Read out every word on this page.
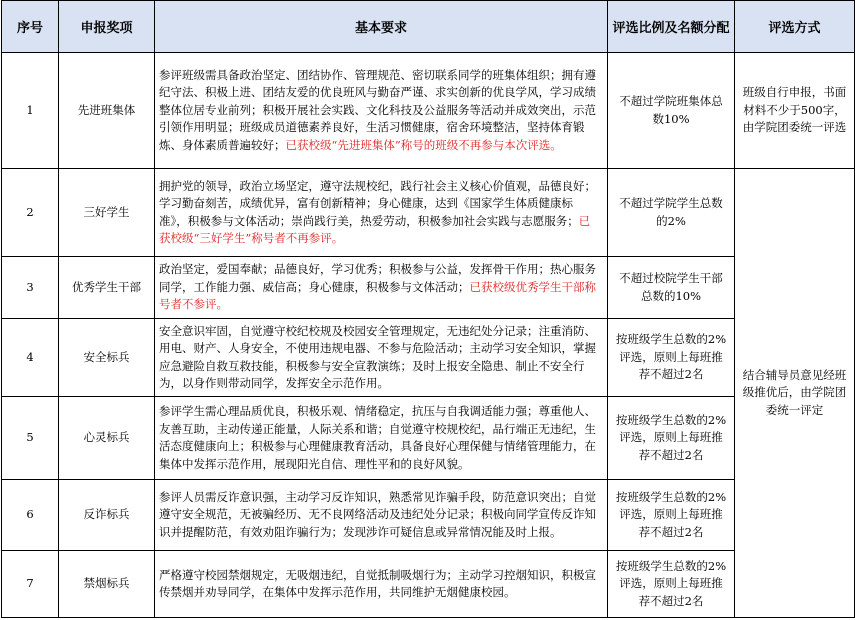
序号	申报奖项	基本要求	评选比例及名额分配	评选方式
1	先进班集体	参评班级需具备政治坚定、团结协作、管理规范、密切联系同学的班集体组织；拥有遵纪守法、积极上进、团结友爱的优良班风与勤奋严谨、求实创新的优良学风，学习成绩整体位居专业前列；积极开展社会实践、文化科技及公益服务等活动并成效突出，示范引领作用明显；班级成员道德素养良好，生活习惯健康，宿舍环境整洁，坚持体育锻炼、身体素质普遍较好；已获校级“先进班集体”称号的班级不再参与本次评选。	不超过学院班集体总数10%	班级自行申报，书面材料不少于500字，由学院团委统一评选
2	三好学生	拥护党的领导，政治立场坚定，遵守法规校纪，践行社会主义核心价值观，品德良好；学习勤奋刻苦，成绩优异，富有创新精神；身心健康，达到《国家学生体质健康标准》，积极参与文体活动；崇尚践行美，热爱劳动，积极参加社会实践与志愿服务；已获校级“三好学生”称号者不再参评。	不超过学院学生总数的2%	结合辅导员意见经班级推优后，由学院团委统一评定
3	优秀学生干部	政治坚定，爱国奉献；品德良好，学习优秀；积极参与公益，发挥骨干作用；热心服务同学，工作能力强、威信高；身心健康，积极参与文体活动；已获校级优秀学生干部称号者不参评。	不超过校院学生干部总数的10%	
4	安全标兵	安全意识牢固，自觉遵守校纪校规及校园安全管理规定，无违纪处分记录；注重消防、用电、财产、人身安全，不使用违规电器、不参与危险活动；主动学习安全知识，掌握应急避险自救互救技能，积极参与安全宣教演练；及时上报安全隐患、制止不安全行为，以身作则带动同学，发挥安全示范作用。	按班级学生总数的2%评选，原则上每班推荐不超过2名	
5	心灵标兵	参评学生需心理品质优良，积极乐观、情绪稳定，抗压与自我调适能力强；尊重他人、友善互助，主动传递正能量，人际关系和谐；自觉遵守校规校纪，品行端正无违纪，生活态度健康向上；积极参与心理健康教育活动，具备良好心理保健与情绪管理能力，在集体中发挥示范作用，展现阳光自信、理性平和的良好风貌。	按班级学生总数的2%评选，原则上每班推荐不超过2名	
6	反诈标兵	参评人员需反诈意识强，主动学习反诈知识，熟悉常见诈骗手段，防范意识突出；自觉遵守安全规范，无被骗经历、无不良网络活动及违纪处分记录；积极向同学宣传反诈知识并提醒防范，有效劝阻诈骗行为；发现涉诈可疑信息或异常情况能及时上报。	按班级学生总数的2%评选，原则上每班推荐不超过2名	
7	禁烟标兵	严格遵守校园禁烟规定，无吸烟违纪，自觉抵制吸烟行为；主动学习控烟知识，积极宣传禁烟并劝导同学，在集体中发挥示范作用，共同维护无烟健康校园。	按班级学生总数的2%评选，原则上每班推荐不超过2名	
